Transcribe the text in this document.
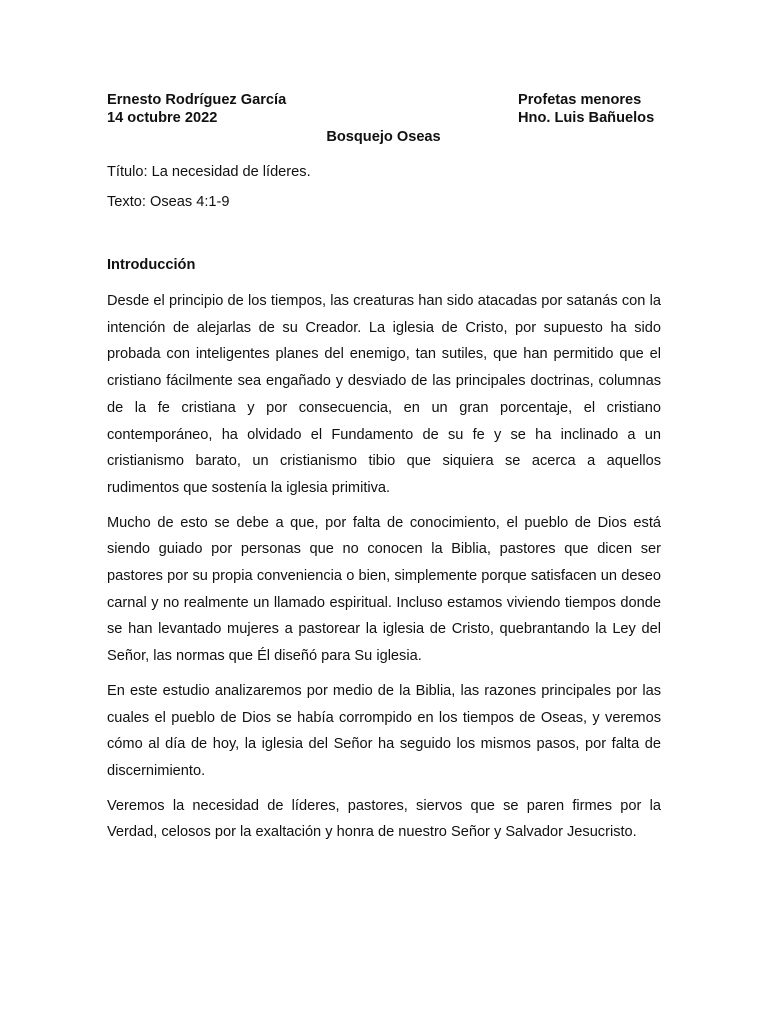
Ernesto Rodríguez García
14 octubre 2022
Profetas menores
Hno. Luis Bañuelos
Bosquejo Oseas
Título: La necesidad de líderes.
Texto: Oseas 4:1-9
Introducción

Desde el principio de los tiempos, las creaturas han sido atacadas por satanás con la intención de alejarlas de su Creador. La iglesia de Cristo, por supuesto ha sido probada con inteligentes planes del enemigo, tan sutiles, que han permitido que el cristiano fácilmente sea engañado y desviado de las principales doctrinas, columnas de la fe cristiana y por consecuencia, en un gran porcentaje, el cristiano contemporáneo, ha olvidado el Fundamento de su fe y se ha inclinado a un cristianismo barato, un cristianismo tibio que siquiera se acerca a aquellos rudimentos que sostenía la iglesia primitiva.

Mucho de esto se debe a que, por falta de conocimiento, el pueblo de Dios está siendo guiado por personas que no conocen la Biblia, pastores que dicen ser pastores por su propia conveniencia o bien, simplemente porque satisfacen un deseo carnal y no realmente un llamado espiritual. Incluso estamos viviendo tiempos donde se han levantado mujeres a pastorear la iglesia de Cristo, quebrantando la Ley del Señor, las normas que Él diseñó para Su iglesia.

En este estudio analizaremos por medio de la Biblia, las razones principales por las cuales el pueblo de Dios se había corrompido en los tiempos de Oseas, y veremos cómo al día de hoy, la iglesia del Señor ha seguido los mismos pasos, por falta de discernimiento.

Veremos la necesidad de líderes, pastores, siervos que se paren firmes por la Verdad, celosos por la exaltación y honra de nuestro Señor y Salvador Jesucristo.
